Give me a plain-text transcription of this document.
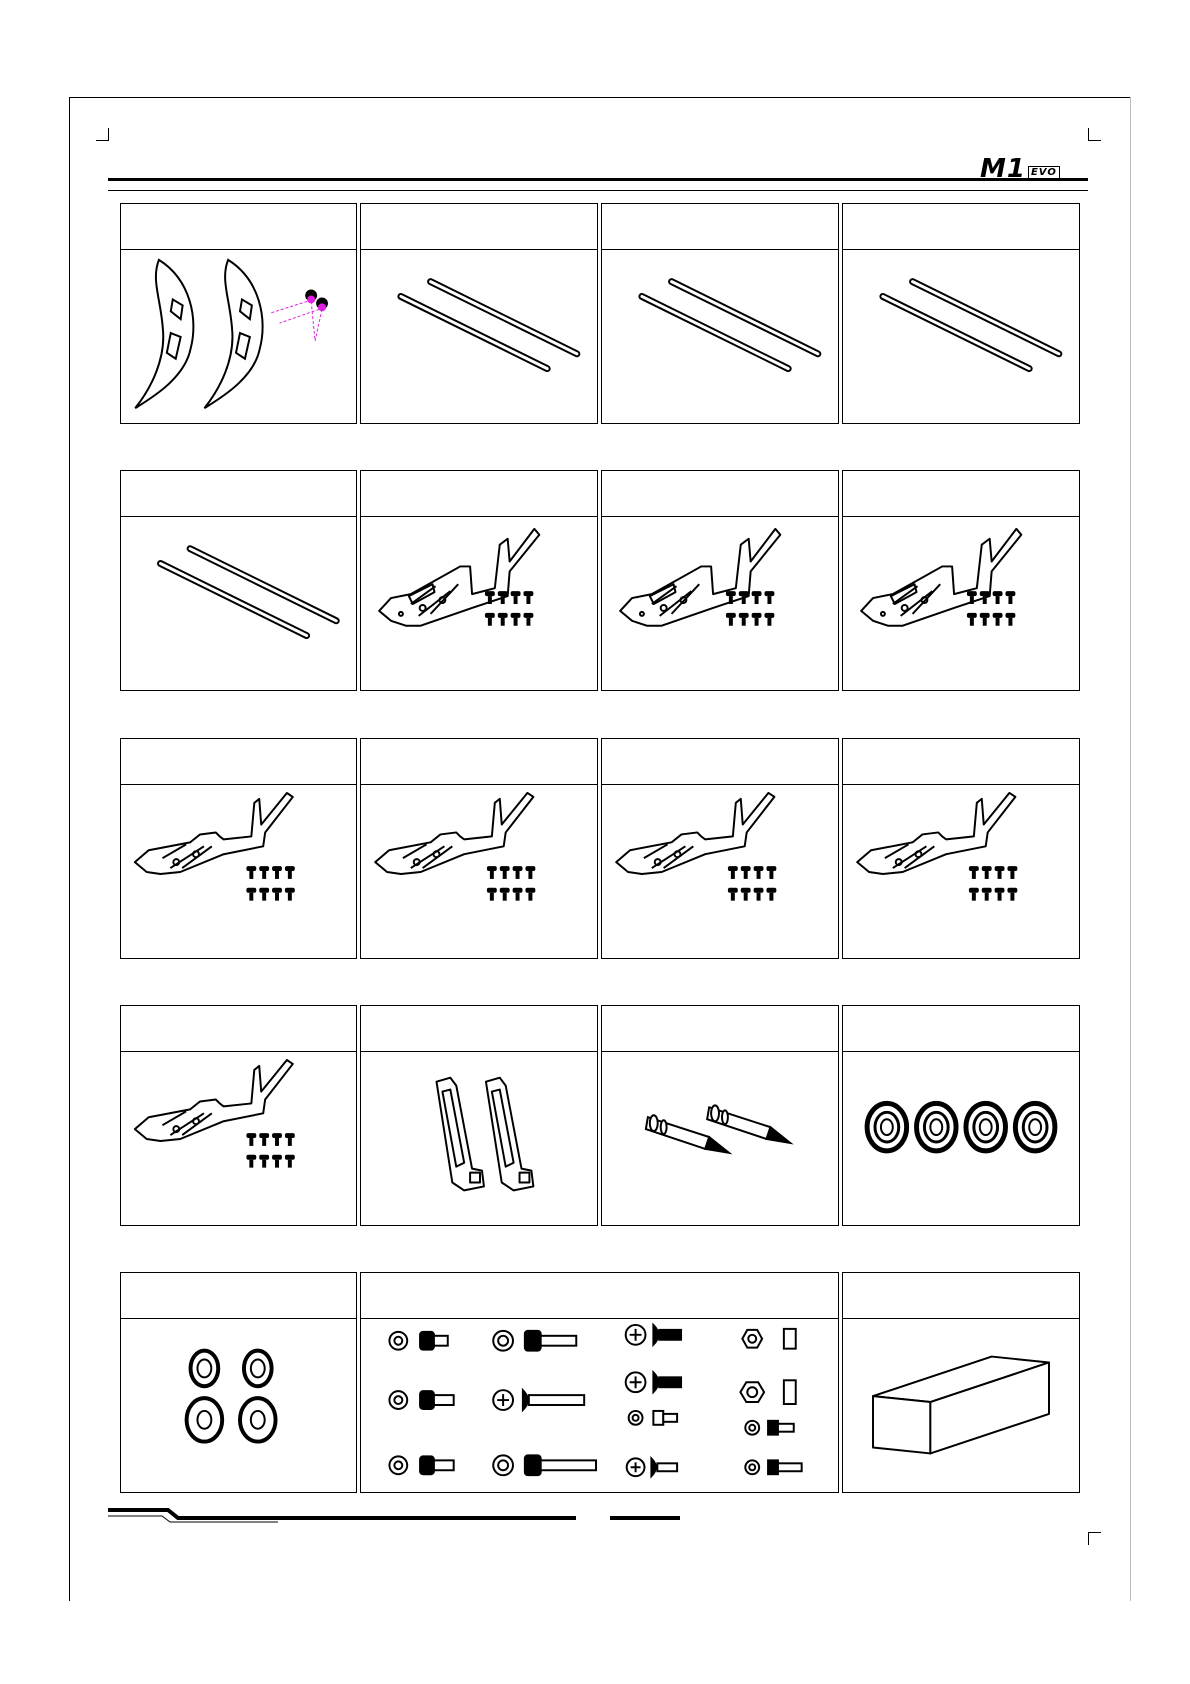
M1 EVO
